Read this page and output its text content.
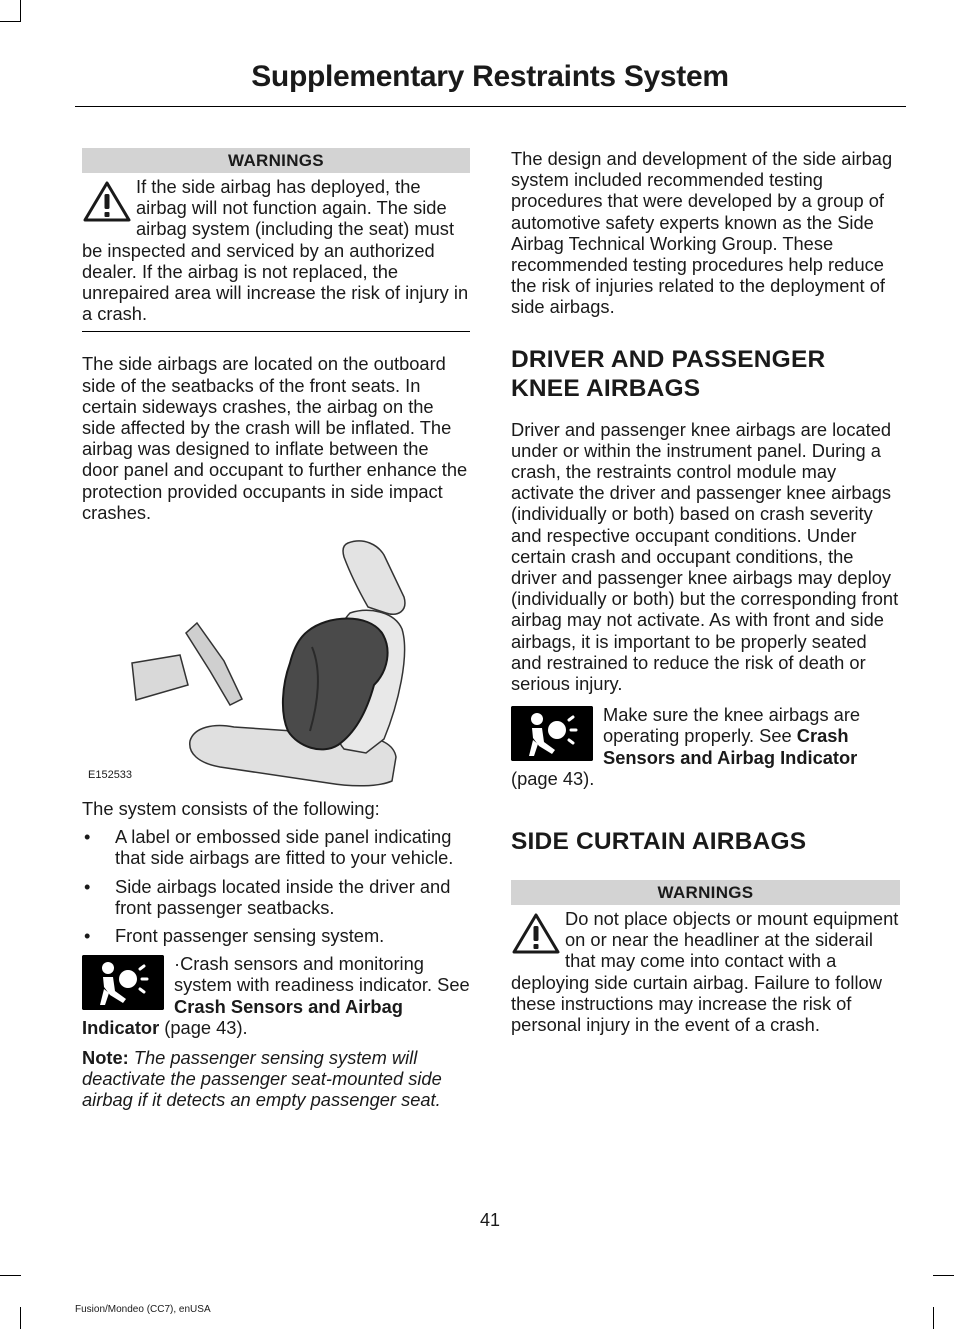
Supplementary Restraints System
WARNINGS

If the side airbag has deployed, the airbag will not function again. The side airbag system (including the seat) must be inspected and serviced by an authorized dealer. If the airbag is not replaced, the unrepaired area will increase the risk of injury in a crash.

The side airbags are located on the outboard side of the seatbacks of the front seats. In certain sideways crashes, the airbag on the side affected by the crash will be inflated. The airbag was designed to inflate between the door panel and occupant to further enhance the protection provided occupants in side impact crashes.

E152533

The system consists of the following:

• A label or embossed side panel indicating that side airbags are fitted to your vehicle.
• Side airbags located inside the driver and front passenger seatbacks.
• Front passenger sensing system.

·Crash sensors and monitoring system with readiness indicator. See Crash Sensors and Airbag Indicator (page 43).

Note: The passenger sensing system will deactivate the passenger seat-mounted side airbag if it detects an empty passenger seat.

The design and development of the side airbag system included recommended testing procedures that were developed by a group of automotive safety experts known as the Side Airbag Technical Working Group. These recommended testing procedures help reduce the risk of injuries related to the deployment of side airbags.

DRIVER AND PASSENGER
KNEE AIRBAGS

Driver and passenger knee airbags are located under or within the instrument panel. During a crash, the restraints control module may activate the driver and passenger knee airbags (individually or both) based on crash severity and respective occupant conditions. Under certain crash and occupant conditions, the driver and passenger knee airbags may deploy (individually or both) but the corresponding front airbag may not activate. As with front and side airbags, it is important to be properly seated and restrained to reduce the risk of death or serious injury.

Make sure the knee airbags are operating properly. See Crash Sensors and Airbag Indicator (page 43).

SIDE CURTAIN AIRBAGS
WARNINGS

Do not place objects or mount equipment on or near the headliner at the siderail that may come into contact with a deploying side curtain airbag. Failure to follow these instructions may increase the risk of personal injury in the event of a crash.

41
Fusion/Mondeo (CC7), enUSA
